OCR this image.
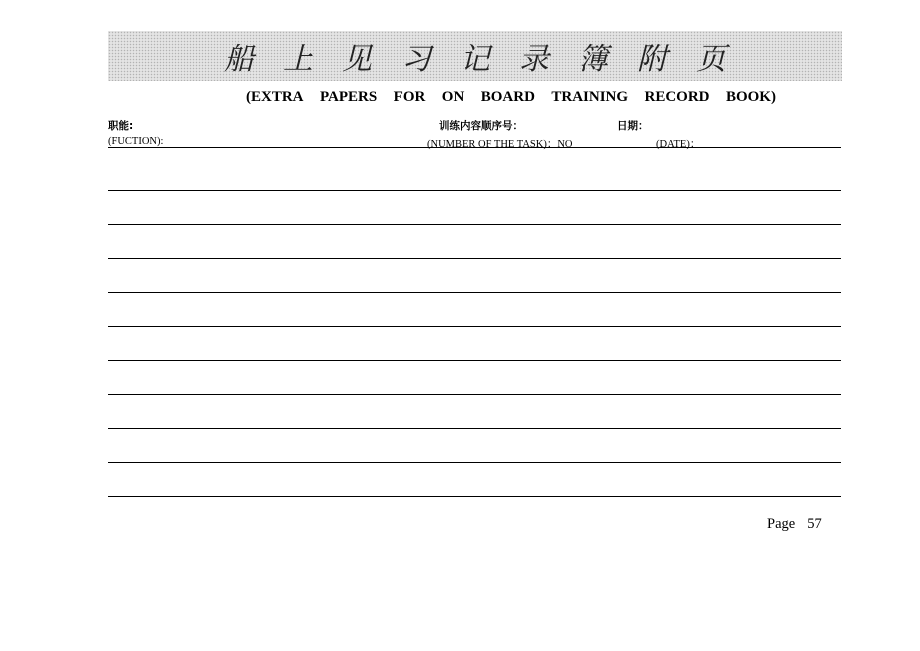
船上见习记录簿附页
(EXTRA PAPERS FOR ON BOARD TRAINING RECORD BOOK)
职能:	训练内容顺序号：	日期：
(FUCTION):	(NUMBER OF THE TASK)：NO	(DATE)：
Page 57
